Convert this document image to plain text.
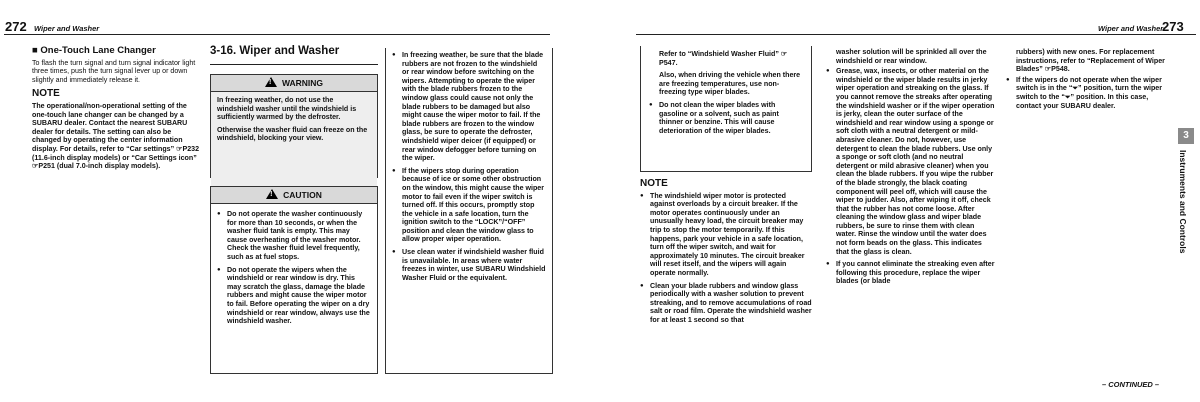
272 Wiper and Washer	Wiper and Washer
273
■ One-Touch Lane Changer
To flash the turn signal and turn signal indicator light three times, push the turn signal lever up or down slightly and immediately release it.
NOTE
The operational/non-operational setting of the one-touch lane changer can be changed by a SUBARU dealer. Contact the nearest SUBARU dealer for details. The setting can also be changed by operating the center information display. For details, refer to “Car settings” ☞P232 (11.6-inch display models) or “Car Settings icon” ☞P251 (dual 7.0-inch display models).
3-16. Wiper and Washer
! WARNING
In freezing weather, do not use the windshield washer until the windshield is sufficiently warmed by the defroster.
Otherwise the washer fluid can freeze on the windshield, blocking your view.
! CAUTION
● Do not operate the washer continuously for more than 10 seconds, or when the washer fluid tank is empty. This may cause overheating of the washer motor. Check the washer fluid level frequently, such as at fuel stops.
● Do not operate the wipers when the windshield or rear window is dry. This may scratch the glass, damage the blade rubbers and might cause the wiper motor to fail. Before operating the wiper on a dry windshield or rear window, always use the windshield washer.
● In freezing weather, be sure that the blade rubbers are not frozen to the windshield or rear window before switching on the wipers. Attempting to operate the wiper with the blade rubbers frozen to the window glass could cause not only the blade rubbers to be damaged but also might cause the wiper motor to fail. If the blade rubbers are frozen to the window glass, be sure to operate the defroster, windshield wiper deicer (if equipped) or rear window defogger before turning on the wiper.
● If the wipers stop during operation because of ice or some other obstruction on the window, this might cause the wiper motor to fail even if the wiper switch is turned off. If this occurs, promptly stop the vehicle in a safe location, turn the ignition switch to the “LOCK”/“OFF” position and clean the window glass to allow proper wiper operation.
● Use clean water if windshield washer fluid is unavailable. In areas where water freezes in winter, use SUBARU Windshield Washer Fluid or the equivalent.
Refer to “Windshield Washer Fluid” ☞P547.
Also, when driving the vehicle when there are freezing temperatures, use non-freezing type wiper blades.
● Do not clean the wiper blades with gasoline or a solvent, such as paint thinner or benzine. This will cause deterioration of the wiper blades.
NOTE
● The windshield wiper motor is protected against overloads by a circuit breaker. If the motor operates continuously under an unusually heavy load, the circuit breaker may trip to stop the motor temporarily. If this happens, park your vehicle in a safe location, turn off the wiper switch, and wait for approximately 10 minutes. The circuit breaker will reset itself, and the wipers will again operate normally.
● Clean your blade rubbers and window glass periodically with a washer solution to prevent streaking, and to remove accumulations of road salt or road film. Operate the windshield washer for at least 1 second so that
washer solution will be sprinkled all over the windshield or rear window.
● Grease, wax, insects, or other material on the windshield or the wiper blade results in jerky wiper operation and streaking on the glass. If you cannot remove the streaks after operating the windshield washer or if the wiper operation is jerky, clean the outer surface of the windshield and rear window using a sponge or soft cloth with a neutral detergent or mild-abrasive cleaner. Do not, however, use detergent to clean the blade rubbers. Use only a sponge or soft cloth (and no neutral detergent or mild abrasive cleaner) when you clean the blade rubbers. If you wipe the rubber of the blade strongly, the black coating component will peel off, which will cause the wiper to judder. Also, after wiping it off, check that the rubber has not come loose. After cleaning the window glass and wiper blade rubbers, be sure to rinse them with clean water. Rinse the window until the water does not form beads on the glass. This indicates that the glass is clean.
● If you cannot eliminate the streaking even after following this procedure, replace the wiper blades (or blade
rubbers) with new ones. For replacement instructions, refer to “Replacement of Wiper Blades” ☞P548.
● If the wipers do not operate when the wiper switch is in the “⏷” position, turn the wiper switch to the “⏷” position. In this case, contact your SUBARU dealer.
3
Instruments and Controls
– CONTINUED –
